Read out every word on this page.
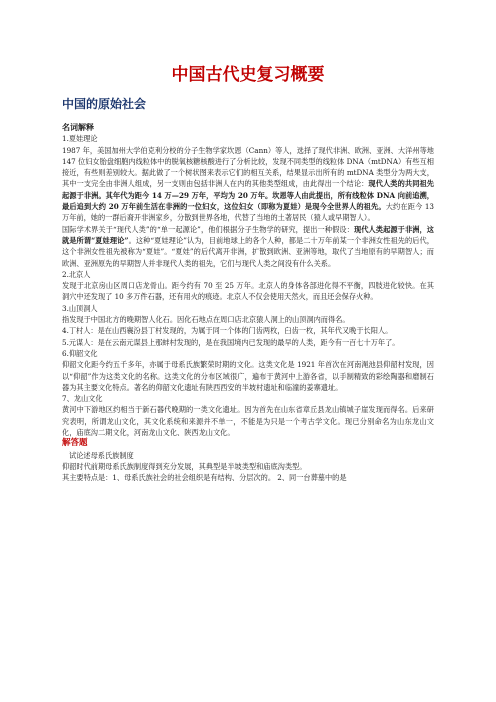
中国古代史复习概要
中国的原始社会

名词解释

1.夏娃理论

1987 年，美国加州大学伯克利分校的分子生物学家坎恩（Cann）等人，选择了现代非洲、欧洲、亚洲、大洋州等地 147 位妇女胎盘细胞内线粒体中的脱氧核糖核酸进行了分析比较，发现不同类型的线粒体 DNA（mtDNA）有些互相接近，有些则差别较大。据此做了一个树状图来表示它们的相互关系，结果显示出所有的 mtDNA 类型分为两大支，其中一支完全由非洲人组成，另一支则由包括非洲人在内的其他类型组成，由此得出一个结论：现代人类的共同祖先起源于非洲。其年代为距今 14 万—29 万年，平均为 20 万年。坎恩等人由此提出，所有线粒体 DNA 向前追溯，最后追到大约 20 万年前生活在非洲的一位妇女，这位妇女（即称为夏娃）是现今全世界人的祖先。大约在距今 13 万年前，她的一群后裔开非洲家乡，分散到世界各地，代替了当地的土著居民（猿人或早期智人）。

国际学术界关于“现代人类”的“单一起源论”，他们根据分子生物学的研究，提出一种假设：现代人类起源于非洲，这就是所谓“夏娃理论”。这种“夏娃理论”认为，目前地球上的各个人种，都是二十万年前某一个非洲女性祖先的后代，这个非洲女性祖先被称为“夏娃”。“夏娃”的后代离开非洲，扩散到欧洲、亚洲等地，取代了当地原有的早期智人；而欧洲、亚洲原先的早期智人并非现代人类的祖先，它们与现代人类之间没有什么关系。

2.北京人

发现于北京房山区周口店龙骨山。距今约有 70 至 25 万年。北京人的身体各部进化得不平衡，四肢进化较快。在其洞穴中还发现了 10 多万件石器，还有用火的痕迹。北京人不仅会使用天然火，而且还会保存火种。

3.山顶洞人

指发现于中国北方的晚期智人化石。因化石地点在周口店北京猿人洞上的山顶洞内而得名。

4.丁村人：是在山西襄汾县丁村发现的，为属于同一个体的门齿两枚，臼齿一枚，其年代又晚于长阳人。

5.元谋人：是在云南元谋县上那蚌村发现的，是在我国境内已发现的最早的人类，距今有一百七十万年了。

6.仰韶文化

仰韶文化距今约五千多年，亦属于母系氏族繁荣时期的文化。这类文化是 1921 年首次在河南渑池县仰韶村发现，因以“仰韶”作为这类文化的名称。这类文化的分布区域很广，遍布于黄河中上游各省，以手制精致的彩绘陶器和磨制石器为其主要文化特点。著名的仰韶文化遗址有陕西西安的半坡村遗址和临潼的姜寨遗址。

7、龙山文化

黄河中下游地区约相当于新石器代晚期的一类文化遗址。因为首先在山东省章丘县龙山镇城子崖发现而得名。后来研究表明，所谓龙山文化，其文化系统和来源并不单一，不能是为只是一个考古学文化。现已分别命名为山东龙山文化，庙底沟二期文化，河南龙山文化、陕西龙山文化。

解答题

试论述母系氏族制度

仰韶时代前期母系氏族制度得到充分发展，其典型是半坡类型和庙底沟类型。

其主要特点是：1、母系氏族社会的社会组织是有结构、分层次的。 2、同一台葬墓中的是
